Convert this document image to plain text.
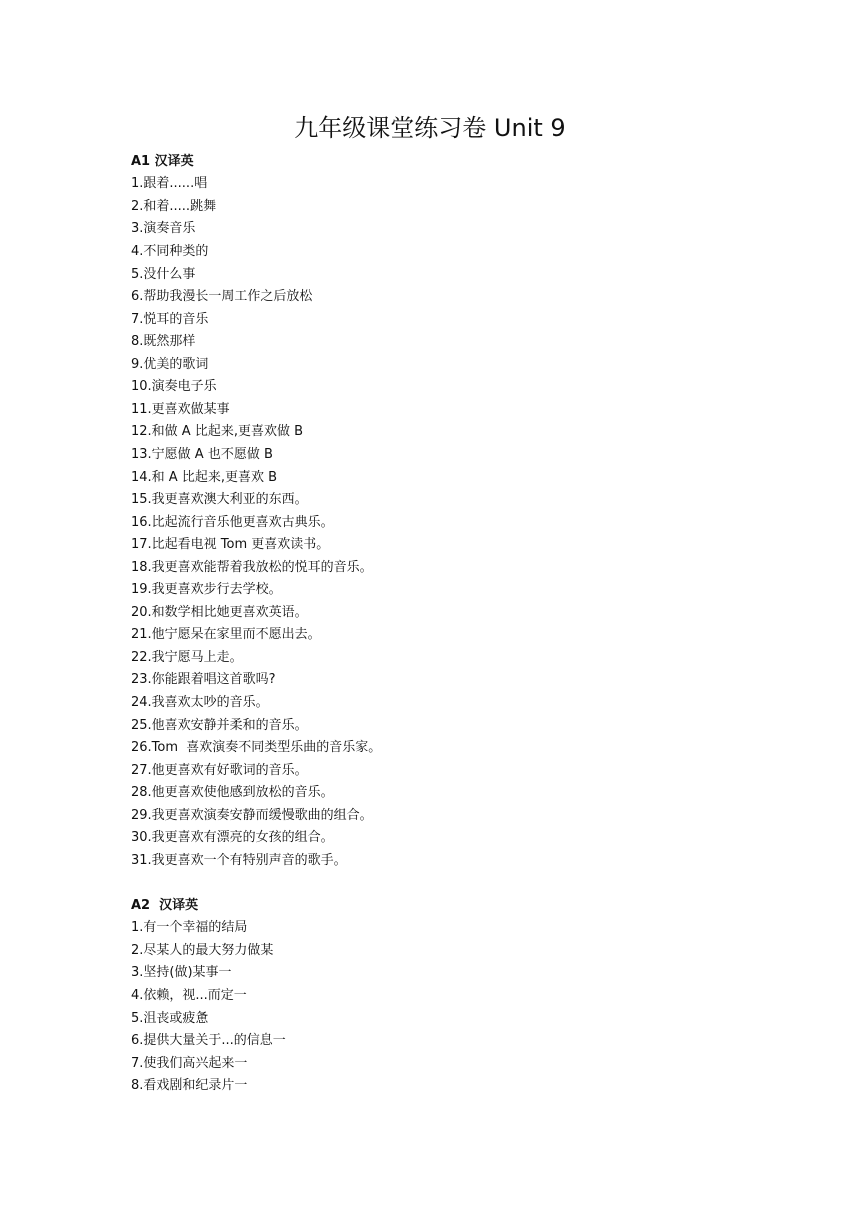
九年级课堂练习卷 Unit 9
A1 汉译英
1.跟着......唱
2.和着.....跳舞
3.演奏音乐
4.不同种类的
5.没什么事
6.帮助我漫长一周工作之后放松
7.悦耳的音乐
8.既然那样
9.优美的歌词
10.演奏电子乐
11.更喜欢做某事
12.和做 A 比起来,更喜欢做 B
13.宁愿做 A 也不愿做 B
14.和 A 比起来,更喜欢 B
15.我更喜欢澳大利亚的东西。
16.比起流行音乐他更喜欢古典乐。
17.比起看电视 Tom 更喜欢读书。
18.我更喜欢能帮着我放松的悦耳的音乐。
19.我更喜欢步行去学校。
20.和数学相比她更喜欢英语。
21.他宁愿呆在家里而不愿出去。
22.我宁愿马上走。
23.你能跟着唱这首歌吗?
24.我喜欢太吵的音乐。
25.他喜欢安静并柔和的音乐。
26.Tom  喜欢演奏不同类型乐曲的音乐家。
27.他更喜欢有好歌词的音乐。
28.他更喜欢使他感到放松的音乐。
29.我更喜欢演奏安静而缓慢歌曲的组合。
30.我更喜欢有漂亮的女孩的组合。
31.我更喜欢一个有特别声音的歌手。
A2  汉译英
1.有一个幸福的结局
2.尽某人的最大努力做某
3.坚持(做)某事一
4.依赖，视...而定一
5.沮丧或疲惫
6.提供大量关于...的信息一
7.使我们高兴起来一
8.看戏剧和纪录片一
